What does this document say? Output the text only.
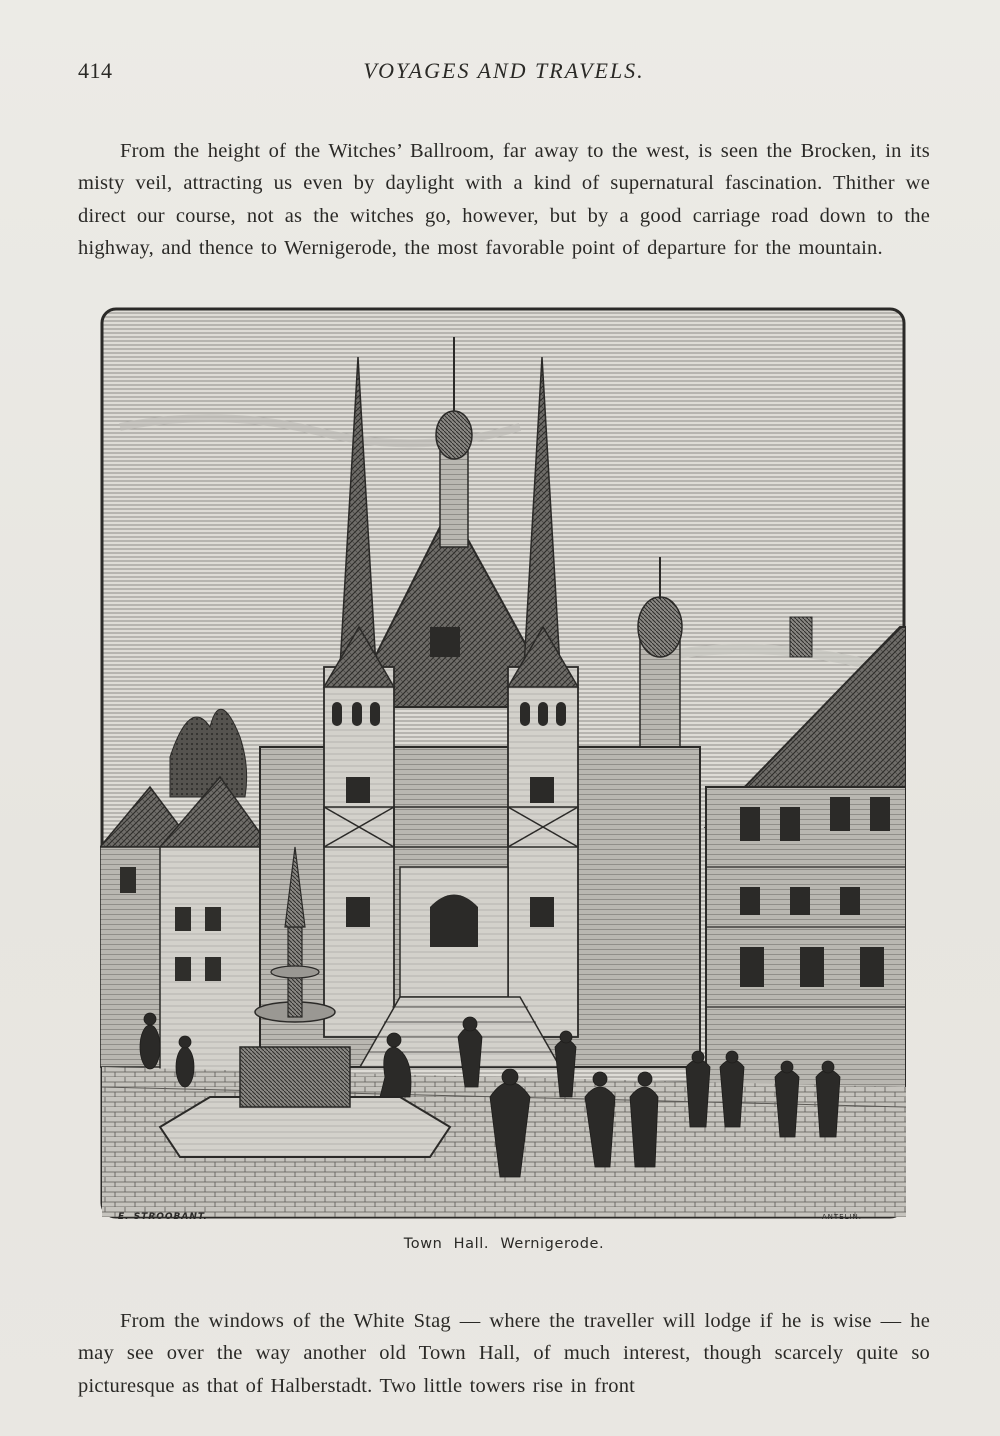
414	VOYAGES AND TRAVELS.

From the height of the Witches’ Ballroom, far away to the west, is seen the Brocken, in its misty veil, attracting us even by daylight with a kind of supernatural fascination. Thither we direct our course, not as the witches go, however, but by a good carriage road down to the highway, and thence to Wernigerode, the most favorable point of departure for the mountain.

E. STROOBANT.	ANTELIN.
Town Hall. Wernigerode.

From the windows of the White Stag — where the traveller will lodge if he is wise — he may see over the way another old Town Hall, of much interest, though scarcely quite so picturesque as that of Halberstadt. Two little towers rise in front
